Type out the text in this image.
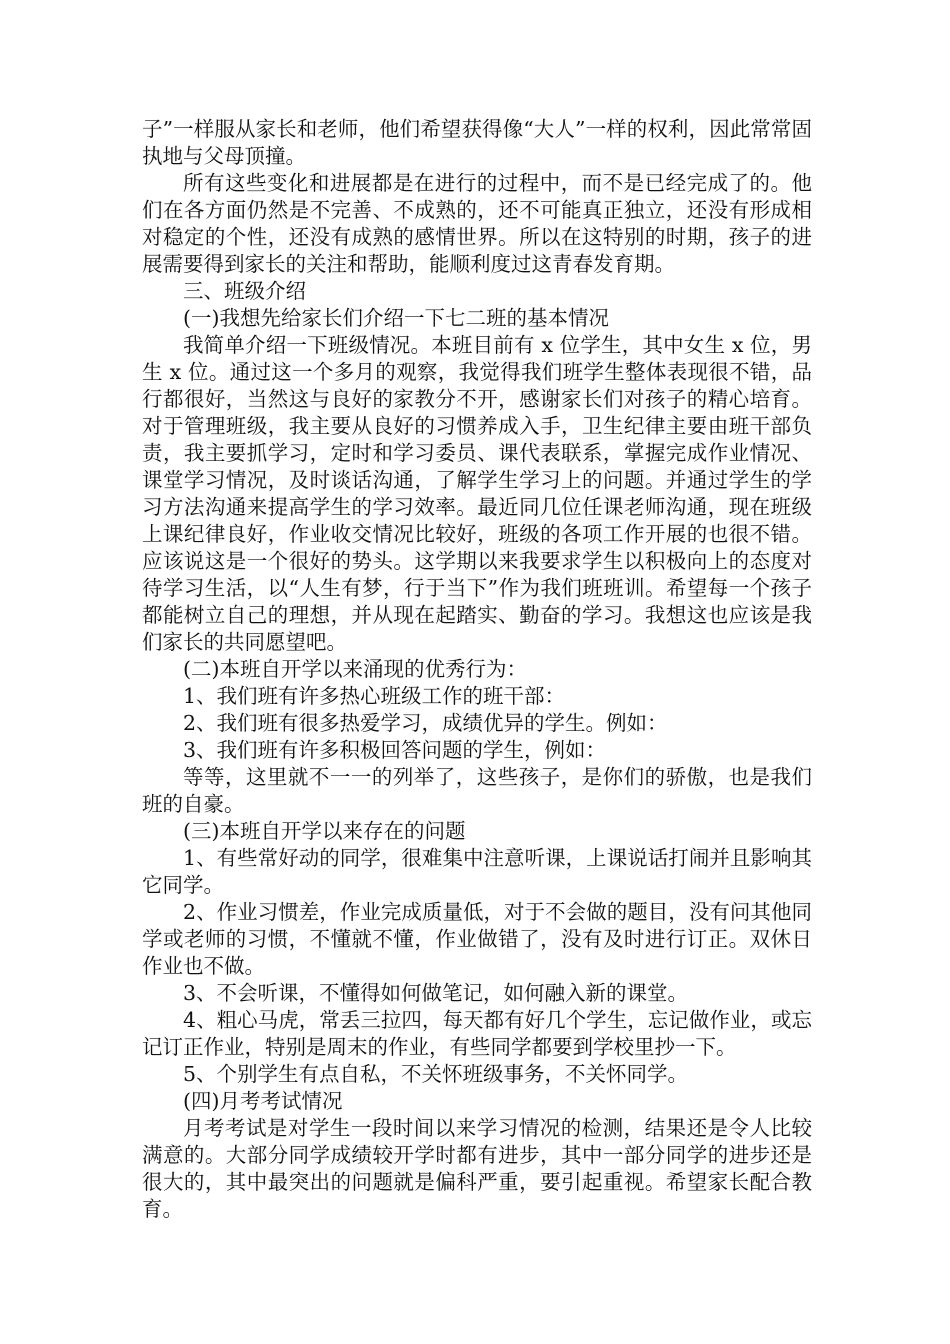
子”一样服从家长和老师，他们希望获得像“大人”一样的权利，因此常常固执地与父母顶撞。

所有这些变化和进展都是在进行的过程中，而不是已经完成了的。他们在各方面仍然是不完善、不成熟的，还不可能真正独立，还没有形成相对稳定的个性，还没有成熟的感情世界。所以在这特别的时期，孩子的进展需要得到家长的关注和帮助，能顺利度过这青春发育期。

三、班级介绍

(一)我想先给家长们介绍一下七二班的基本情况

我简单介绍一下班级情况。本班目前有 x 位学生，其中女生 x 位，男生 x 位。通过这一个多月的观察，我觉得我们班学生整体表现很不错，品行都很好，当然这与良好的家教分不开，感谢家长们对孩子的精心培育。对于管理班级，我主要从良好的习惯养成入手，卫生纪律主要由班干部负责，我主要抓学习，定时和学习委员、课代表联系，掌握完成作业情况、课堂学习情况，及时谈话沟通，了解学生学习上的问题。并通过学生的学习方法沟通来提高学生的学习效率。最近同几位任课老师沟通，现在班级上课纪律良好，作业收交情况比较好，班级的各项工作开展的也很不错。应该说这是一个很好的势头。这学期以来我要求学生以积极向上的态度对待学习生活，以“人生有梦，行于当下”作为我们班班训。希望每一个孩子都能树立自己的理想，并从现在起踏实、勤奋的学习。我想这也应该是我们家长的共同愿望吧。

(二)本班自开学以来涌现的优秀行为：

1、我们班有许多热心班级工作的班干部：

2、我们班有很多热爱学习，成绩优异的学生。例如：

3、我们班有许多积极回答问题的学生，例如：

等等，这里就不一一的列举了，这些孩子，是你们的骄傲，也是我们班的自豪。

(三)本班自开学以来存在的问题

1、有些常好动的同学，很难集中注意听课，上课说话打闹并且影响其它同学。

2、作业习惯差，作业完成质量低，对于不会做的题目，没有问其他同学或老师的习惯，不懂就不懂，作业做错了，没有及时进行订正。双休日作业也不做。

3、不会听课，不懂得如何做笔记，如何融入新的课堂。

4、粗心马虎，常丢三拉四，每天都有好几个学生，忘记做作业，或忘记订正作业，特别是周末的作业，有些同学都要到学校里抄一下。

5、个别学生有点自私，不关怀班级事务，不关怀同学。

(四)月考考试情况

月考考试是对学生一段时间以来学习情况的检测，结果还是令人比较满意的。大部分同学成绩较开学时都有进步，其中一部分同学的进步还是很大的，其中最突出的问题就是偏科严重，要引起重视。希望家长配合教育。
